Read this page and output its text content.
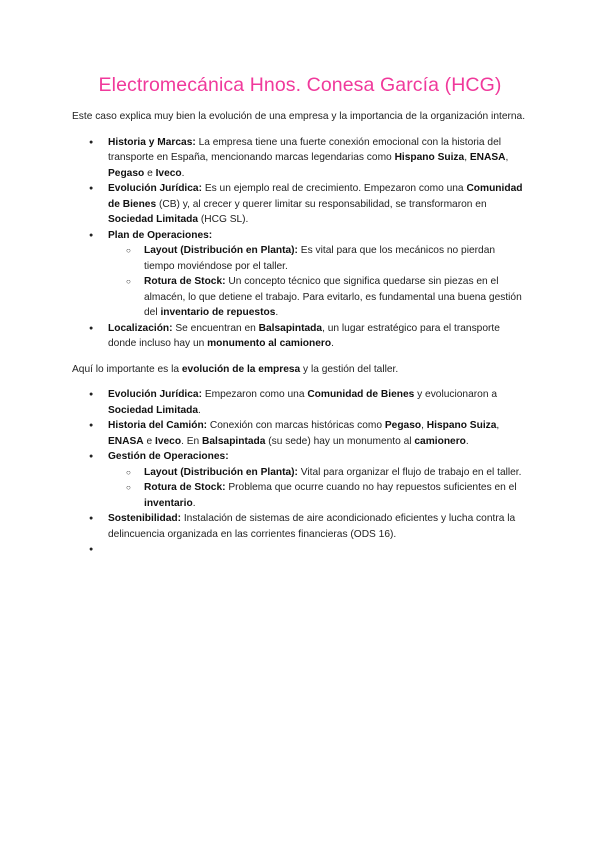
Electromecánica Hnos. Conesa García (HCG)

Este caso explica muy bien la evolución de una empresa y la importancia de la organización interna.

● Historia y Marcas: La empresa tiene una fuerte conexión emocional con la historia del transporte en España, mencionando marcas legendarias como Hispano Suiza, ENASA, Pegaso e Iveco.
● Evolución Jurídica: Es un ejemplo real de crecimiento. Empezaron como una Comunidad de Bienes (CB) y, al crecer y querer limitar su responsabilidad, se transformaron en Sociedad Limitada (HCG SL).
● Plan de Operaciones:
○ Layout (Distribución en Planta): Es vital para que los mecánicos no pierdan tiempo moviéndose por el taller.
○ Rotura de Stock: Un concepto técnico que significa quedarse sin piezas en el almacén, lo que detiene el trabajo. Para evitarlo, es fundamental una buena gestión del inventario de repuestos.
● Localización: Se encuentran en Balsapintada, un lugar estratégico para el transporte donde incluso hay un monumento al camionero.

Aquí lo importante es la evolución de la empresa y la gestión del taller.

● Evolución Jurídica: Empezaron como una Comunidad de Bienes y evolucionaron a Sociedad Limitada.
● Historia del Camión: Conexión con marcas históricas como Pegaso, Hispano Suiza, ENASA e Iveco. En Balsapintada (su sede) hay un monumento al camionero.
● Gestión de Operaciones:
○ Layout (Distribución en Planta): Vital para organizar el flujo de trabajo en el taller.
○ Rotura de Stock: Problema que ocurre cuando no hay repuestos suficientes en el inventario.
● Sostenibilidad: Instalación de sistemas de aire acondicionado eficientes y lucha contra la delincuencia organizada en las corrientes financieras (ODS 16).
●
